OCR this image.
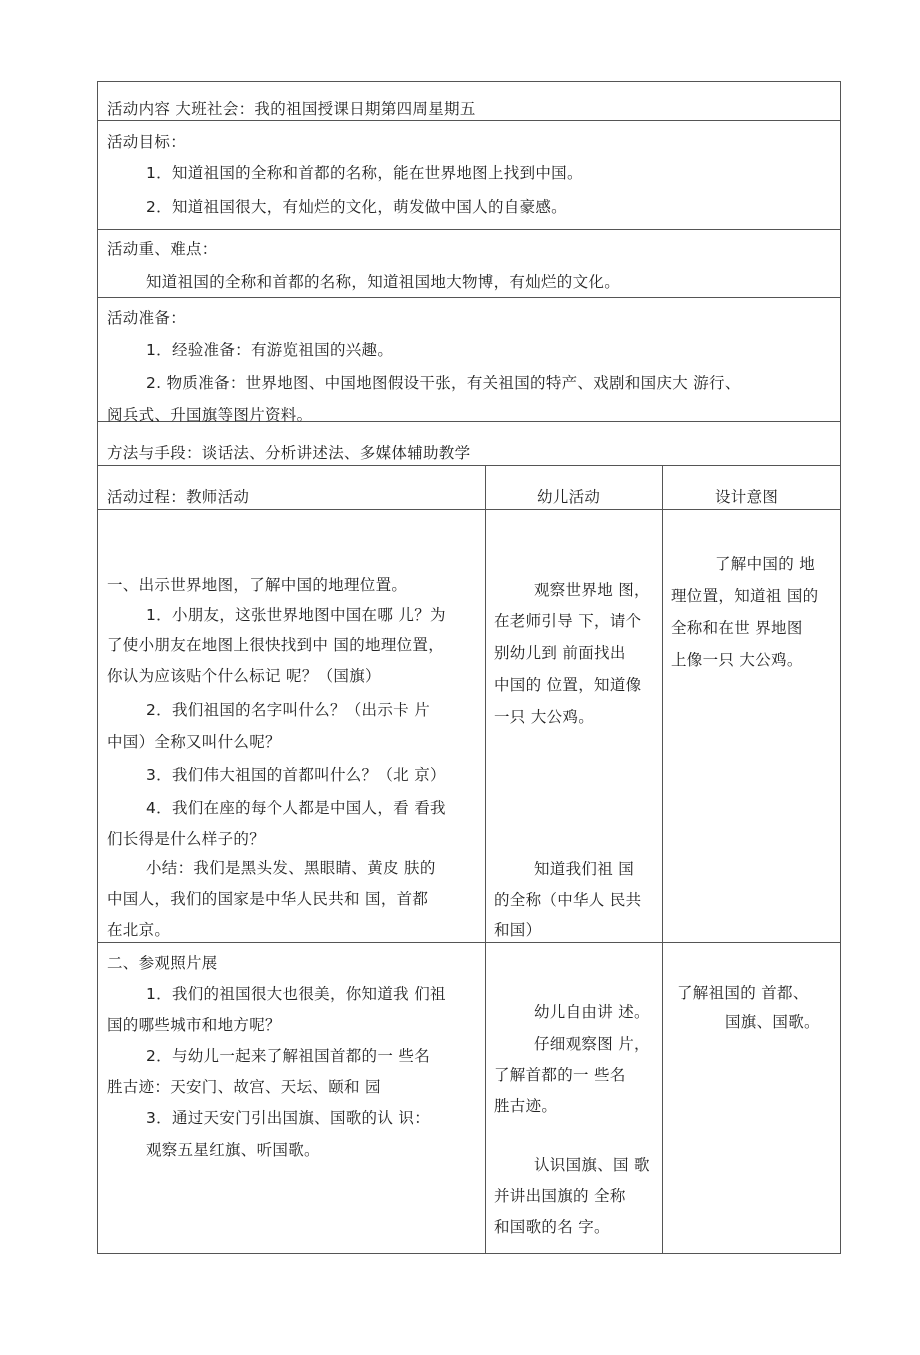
活动内容 大班社会：我的祖国授课日期第四周星期五
活动目标：
1．知道祖国的全称和首都的名称，能在世界地图上找到中国。
2．知道祖国很大，有灿烂的文化，萌发做中国人的自豪感。
活动重、难点：
知道祖国的全称和首都的名称，知道祖国地大物博，有灿烂的文化。
活动准备：
1．经验准备：有游览祖国的兴趣。
2. 物质准备：世界地图、中国地图假设干张，有关祖国的特产、戏剧和国庆大 游行、
阅兵式、升国旗等图片资料。
方法与手段：谈话法、分析讲述法、多媒体辅助教学
活动过程：教师活动	幼儿活动	设计意图
一、出示世界地图，了解中国的地理位置。
1．小朋友，这张世界地图中国在哪 儿？为
了使小朋友在地图上很快找到中 国的地理位置，
你认为应该贴个什么标记 呢？（国旗）
2．我们祖国的名字叫什么？（出示卡 片
中国）全称又叫什么呢？
3．我们伟大祖国的首都叫什么？（北 京）
4．我们在座的每个人都是中国人，看 看我
们长得是什么样子的？
小结：我们是黑头发、黑眼睛、黄皮 肤的
中国人，我们的国家是中华人民共和 国，首都
在北京。
观察世界地 图，
在老师引导 下，请个
别幼儿到 前面找出
中国的 位置，知道像
一只 大公鸡。
知道我们祖 国
的全称（中华人 民共
和国）
了解中国的 地
理位置，知道祖 国的
全称和在世 界地图
上像一只 大公鸡。
二、参观照片展
1．我们的祖国很大也很美，你知道我 们祖
国的哪些城市和地方呢？
2．与幼儿一起来了解祖国首都的一 些名
胜古迹：天安门、故宫、天坛、颐和 园
3．通过天安门引出国旗、国歌的认 识：
观察五星红旗、听国歌。
幼儿自由讲 述。
仔细观察图 片，
了解首都的一 些名
胜古迹。
认识国旗、国 歌
并讲出国旗的 全称
和国歌的名 字。
了解祖国的 首都、
国旗、国歌。
